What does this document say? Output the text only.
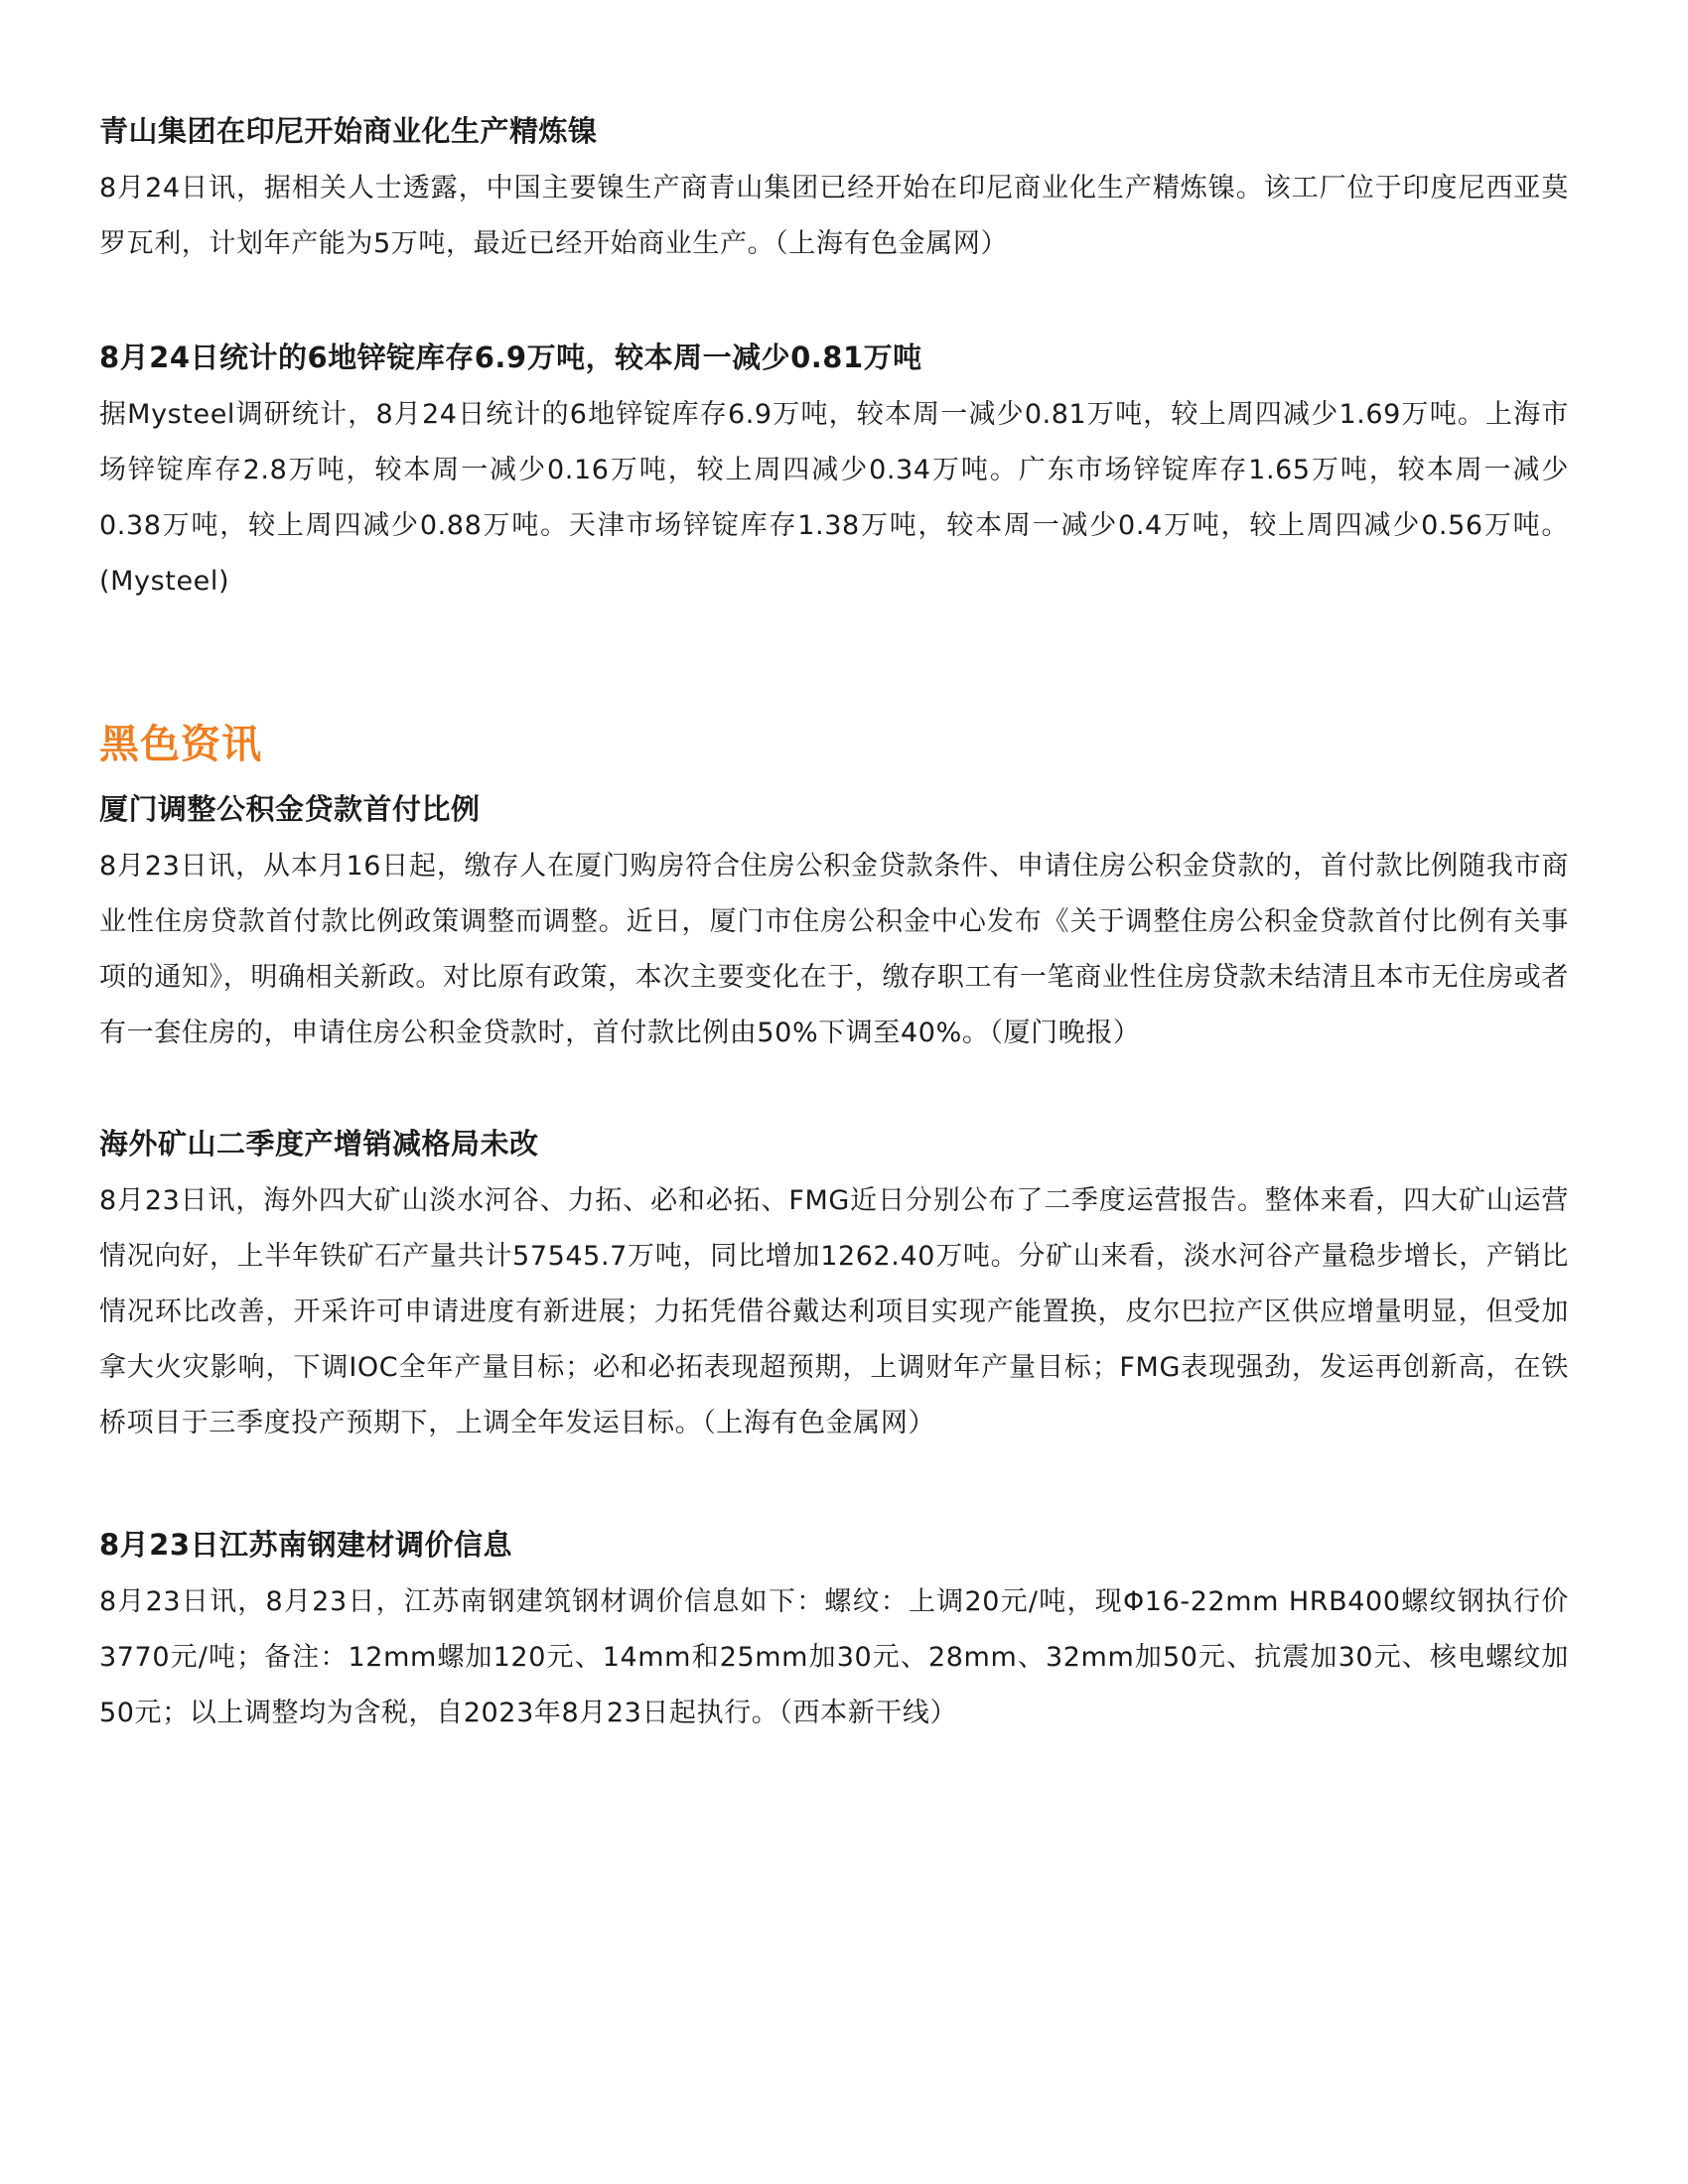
青山集团在印尼开始商业化生产精炼镍

8月24日讯，据相关人士透露，中国主要镍生产商青山集团已经开始在印尼商业化生产精炼镍。该工厂位于印度尼西亚莫罗瓦利，计划年产能为5万吨，最近已经开始商业生产。（上海有色金属网）

8月24日统计的6地锌锭库存6.9万吨，较本周一减少0.81万吨

据Mysteel调研统计，8月24日统计的6地锌锭库存6.9万吨，较本周一减少0.81万吨，较上周四减少1.69万吨。上海市场锌锭库存2.8万吨，较本周一减少0.16万吨，较上周四减少0.34万吨。广东市场锌锭库存1.65万吨，较本周一减少0.38万吨，较上周四减少0.88万吨。天津市场锌锭库存1.38万吨，较本周一减少0.4万吨，较上周四减少0.56万吨。(Mysteel)

黑色资讯
厦门调整公积金贷款首付比例

8月23日讯，从本月16日起，缴存人在厦门购房符合住房公积金贷款条件、申请住房公积金贷款的，首付款比例随我市商业性住房贷款首付款比例政策调整而调整。近日，厦门市住房公积金中心发布《关于调整住房公积金贷款首付比例有关事项的通知》，明确相关新政。对比原有政策，本次主要变化在于，缴存职工有一笔商业性住房贷款未结清且本市无住房或者有一套住房的，申请住房公积金贷款时，首付款比例由50%下调至40%。（厦门晚报）

海外矿山二季度产增销减格局未改

8月23日讯，海外四大矿山淡水河谷、力拓、必和必拓、FMG近日分别公布了二季度运营报告。整体来看，四大矿山运营情况向好，上半年铁矿石产量共计57545.7万吨，同比增加1262.40万吨。分矿山来看，淡水河谷产量稳步增长，产销比情况环比改善，开采许可申请进度有新进展；力拓凭借谷戴达利项目实现产能置换，皮尔巴拉产区供应增量明显，但受加拿大火灾影响，下调IOC全年产量目标；必和必拓表现超预期，上调财年产量目标；FMG表现强劲，发运再创新高，在铁桥项目于三季度投产预期下，上调全年发运目标。（上海有色金属网）

8月23日江苏南钢建材调价信息

8月23日讯，8月23日，江苏南钢建筑钢材调价信息如下：螺纹：上调20元/吨，现Φ16-22mm HRB400螺纹钢执行价3770元/吨；备注：12mm螺加120元、14mm和25mm加30元、28mm、32mm加50元、抗震加30元、核电螺纹加50元；以上调整均为含税，自2023年8月23日起执行。（西本新干线）
